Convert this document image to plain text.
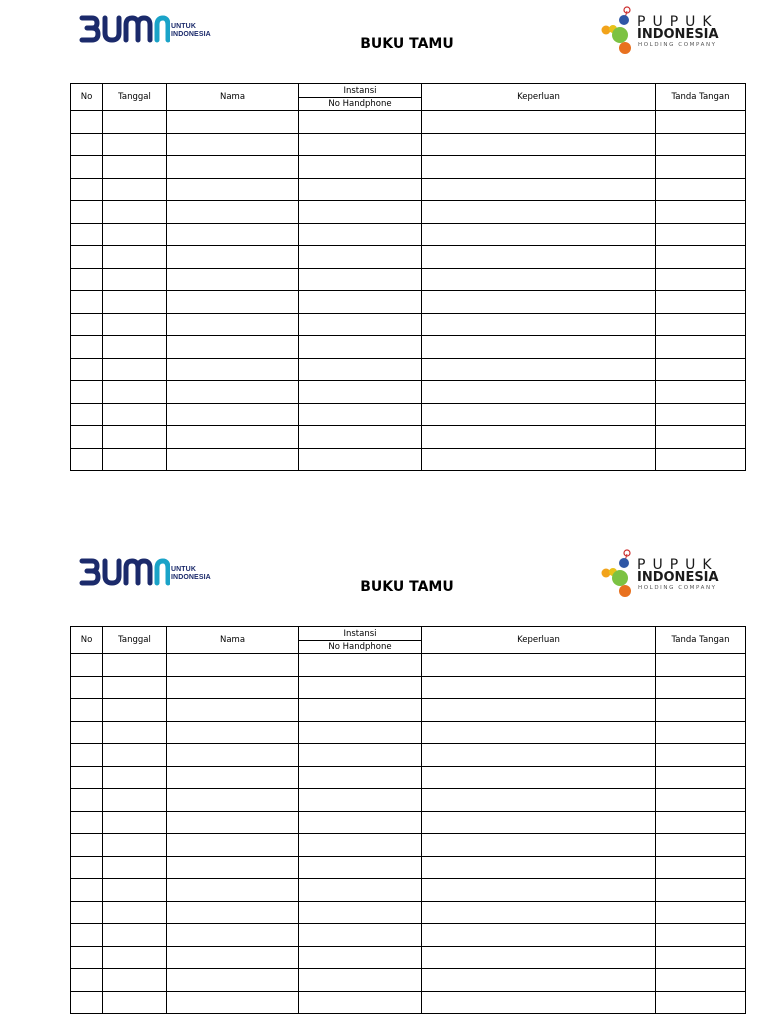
UNTUK
INDONESIA
BUKU TAMU
PUPUK
INDONESIA
HOLDING COMPANY
No	Tanggal	Nama	Instansi	Keperluan	Tanda Tangan
			No Handphone		

UNTUK
INDONESIA
BUKU TAMU
PUPUK
INDONESIA
HOLDING COMPANY
No	Tanggal	Nama	Instansi	Keperluan	Tanda Tangan
			No Handphone		
